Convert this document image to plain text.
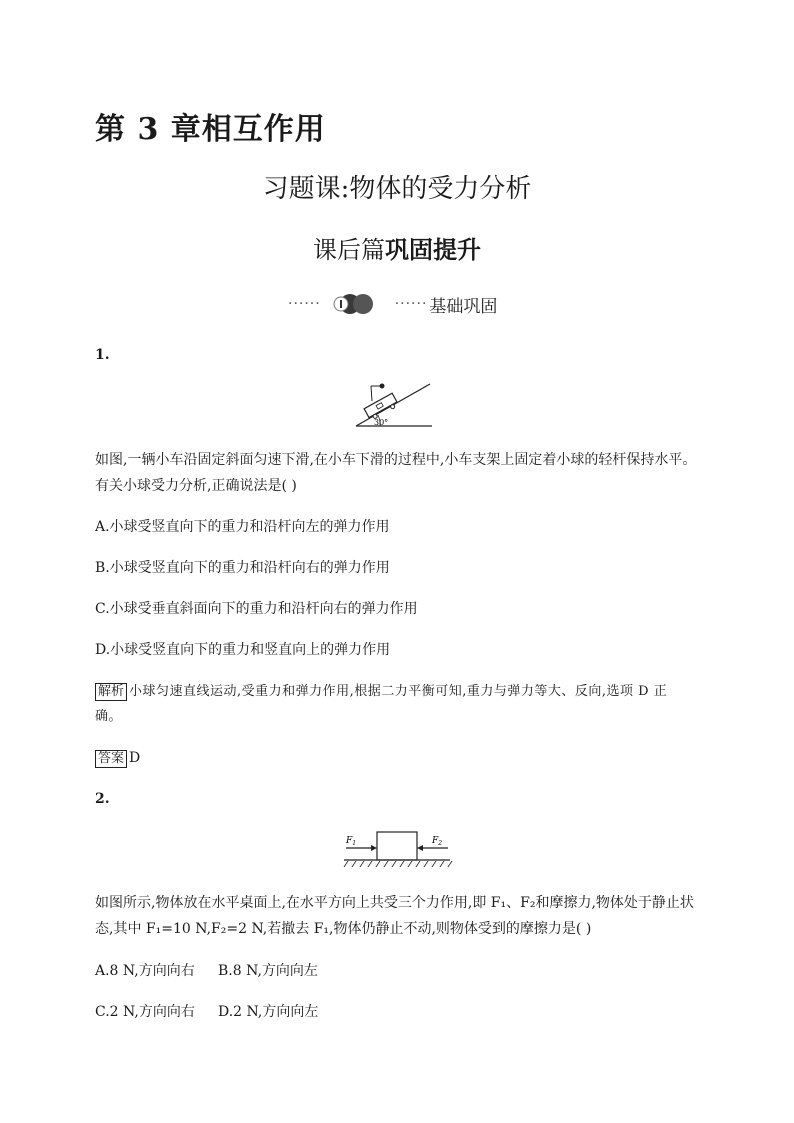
第 3 章相互作用
习题课:物体的受力分析
课后篇巩固提升
······	······ 基础巩固
1.
30°
如图,一辆小车沿固定斜面匀速下滑,在小车下滑的过程中,小车支架上固定着小球的轻杆保持水平。
有关小球受力分析,正确说法是( )
A.小球受竖直向下的重力和沿杆向左的弹力作用
B.小球受竖直向下的重力和沿杆向右的弹力作用
C.小球受垂直斜面向下的重力和沿杆向右的弹力作用
D.小球受竖直向下的重力和竖直向上的弹力作用
解析 小球匀速直线运动,受重力和弹力作用,根据二力平衡可知,重力与弹力等大、反向,选项 D 正
确。
答案 D
2.
$F_1$	$F_2$
如图所示,物体放在水平桌面上,在水平方向上共受三个力作用,即 F₁、F₂和摩擦力,物体处于静止状
态,其中 F₁=10 N,F₂=2 N,若撤去 F₁,物体仍静止不动,则物体受到的摩擦力是( )
A.8 N,方向向右 B.8 N,方向向左
C.2 N,方向向右 D.2 N,方向向左
